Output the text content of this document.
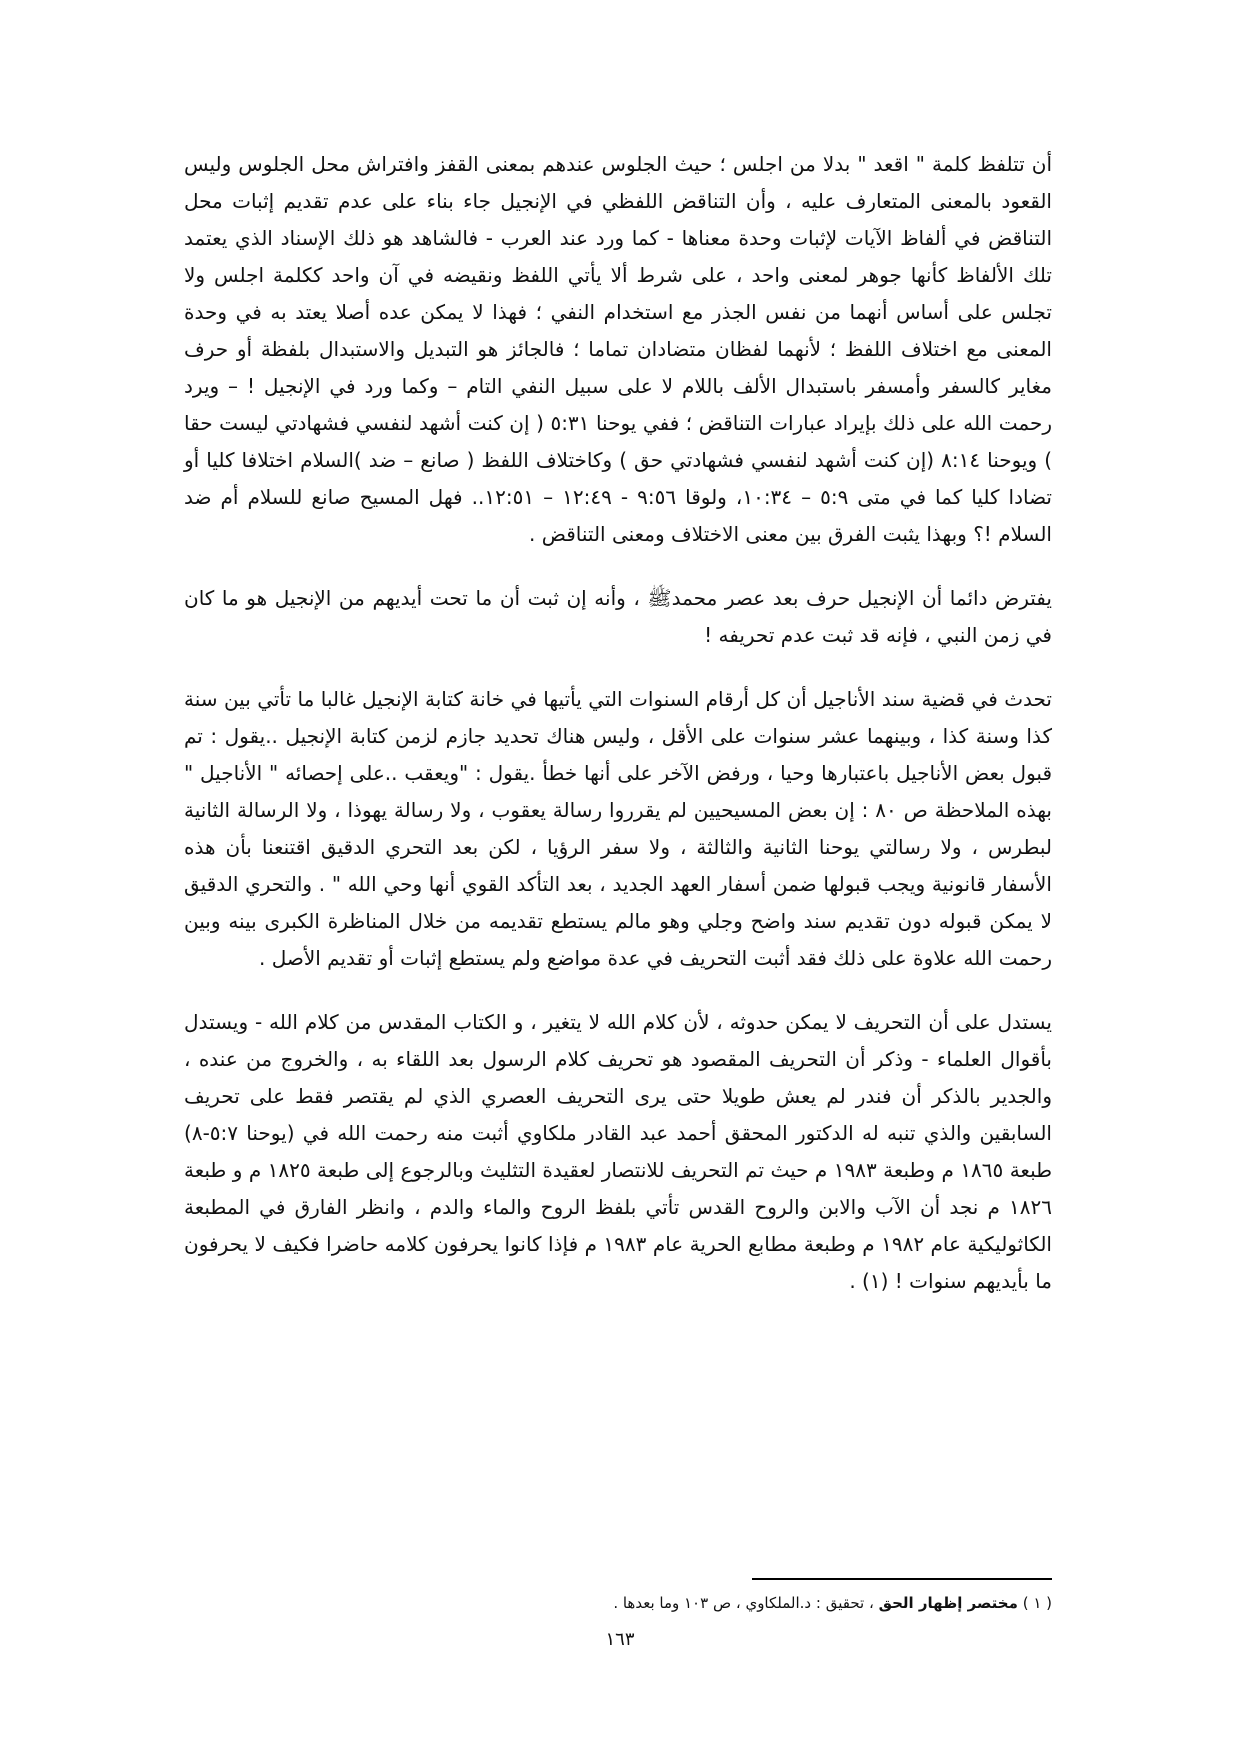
أن تتلفظ كلمة " اقعد " بدلا من اجلس ؛ حيث الجلوس عندهم بمعنى القفز وافتراش محل الجلوس وليس القعود بالمعنى المتعارف عليه ، وأن التناقض اللفظي في الإنجيل جاء بناء على عدم تقديم إثبات محل التناقض في ألفاظ الآيات لإثبات وحدة معناها - كما ورد عند العرب - فالشاهد هو ذلك الإسناد الذي يعتمد تلك الألفاظ كأنها جوهر لمعنى واحد ، على شرط ألا يأتي اللفظ ونقيضه في آن واحد ككلمة اجلس ولا تجلس على أساس أنهما من نفس الجذر مع استخدام النفي ؛ فهذا لا يمكن عده أصلا يعتد به في وحدة المعنى مع اختلاف اللفظ ؛ لأنهما لفظان متضادان تماما ؛ فالجائز هو التبديل والاستبدال بلفظة أو حرف مغاير كالسفر وأمسفر باستبدال الألف باللام لا على سبيل النفي التام – وكما ورد في الإنجيل ! – ويرد رحمت الله على ذلك بإيراد عبارات التناقض ؛ ففي يوحنا ٥:٣١ ( إن كنت أشهد لنفسي فشهادتي ليست حقا ) ويوحنا ٨:١٤ (إن كنت أشهد لنفسي فشهادتي حق ) وكاختلاف اللفظ ( صانع – ضد )السلام اختلافا كليا أو تضادا كليا كما في متى ٥:٩ – ١٠:٣٤، ولوقا ٩:٥٦ - ١٢:٤٩ – ١٢:٥١.. فهل المسيح صانع للسلام أم ضد السلام !؟ وبهذا يثبت الفرق بين معنى الاختلاف ومعنى التناقض .

يفترض دائما أن الإنجيل حرف بعد عصر محمدﷺ ، وأنه إن ثبت أن ما تحت أيديهم من الإنجيل هو ما كان في زمن النبي ، فإنه قد ثبت عدم تحريفه !

تحدث في قضية سند الأناجيل أن كل أرقام السنوات التي يأتيها في خانة كتابة الإنجيل غالبا ما تأتي بين سنة كذا وسنة كذا ، وبينهما عشر سنوات على الأقل ، وليس هناك تحديد جازم لزمن كتابة الإنجيل ..يقول : تم قبول بعض الأناجيل باعتبارها وحيا ، ورفض الآخر على أنها خطأ .يقول : "ويعقب ..على إحصائه " الأناجيل " بهذه الملاحظة ص ٨٠ : إن بعض المسيحيين لم يقرروا رسالة يعقوب ، ولا رسالة يهوذا ، ولا الرسالة الثانية لبطرس ، ولا رسالتي يوحنا الثانية والثالثة ، ولا سفر الرؤيا ، لكن بعد التحري الدقيق اقتنعنا بأن هذه الأسفار قانونية ويجب قبولها ضمن أسفار العهد الجديد ، بعد التأكد القوي أنها وحي الله " . والتحري الدقيق لا يمكن قبوله دون تقديم سند واضح وجلي وهو مالم يستطع تقديمه من خلال المناظرة الكبرى بينه وبين رحمت الله علاوة على ذلك فقد أثبت التحريف في عدة مواضع ولم يستطع إثبات أو تقديم الأصل .

يستدل على أن التحريف لا يمكن حدوثه ، لأن كلام الله لا يتغير ، و الكتاب المقدس من كلام الله - ويستدل بأقوال العلماء - وذكر أن التحريف المقصود هو تحريف كلام الرسول بعد اللقاء به ، والخروج من عنده ، والجدير بالذكر أن فندر لم يعش طويلا حتى يرى التحريف العصري الذي لم يقتصر فقط على تحريف السابقين والذي تنبه له الدكتور المحقق أحمد عبد القادر ملكاوي أثبت منه رحمت الله في (يوحنا ٥:٧-٨) طبعة ١٨٦٥ م وطبعة ١٩٨٣ م حيث تم التحريف للانتصار لعقيدة التثليث وبالرجوع إلى طبعة ١٨٢٥ م و طبعة ١٨٢٦ م نجد أن الآب والابن والروح القدس تأتي بلفظ الروح والماء والدم ، وانظر الفارق في المطبعة الكاثوليكية عام ١٩٨٢ م وطبعة مطابع الحرية عام ١٩٨٣ م فإذا كانوا يحرفون كلامه حاضرا فكيف لا يحرفون ما بأيديهم سنوات ! (١) .

( ١ ) مختصر إظهار الحق ، تحقيق : د.الملكاوي ، ص ١٠٣ وما بعدها .
١٦٣
